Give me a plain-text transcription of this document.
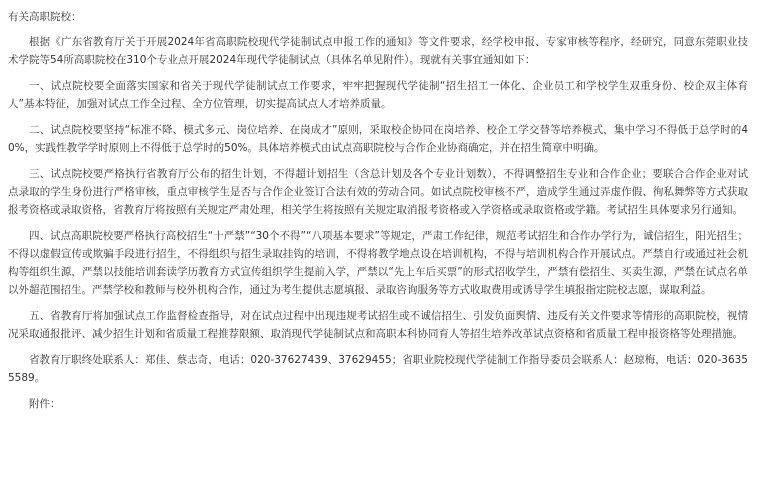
有关高职院校：

根据《广东省教育厅关于开展2024年省高职院校现代学徒制试点申报工作的通知》等文件要求，经学校申报、专家审核等程序，经研究，同意东莞职业技术学院等54所高职院校在310个专业点开展2024年现代学徒制试点（具体名单见附件）。现就有关事宜通知如下：

一、试点院校要全面落实国家和省关于现代学徒制试点工作要求，牢牢把握现代学徒制“招生招工一体化、企业员工和学校学生双重身份、校企双主体育人”基本特征，加强对试点工作全过程、全方位管理，切实提高试点人才培养质量。

二、试点院校要坚持“标准不降、模式多元、岗位培养、在岗成才”原则，采取校企协同在岗培养、校企工学交替等培养模式，集中学习不得低于总学时的40%，实践性教学学时原则上不得低于总学时的50%。具体培养模式由试点高职院校与合作企业协商确定，并在招生简章中明确。

三、试点院校要严格执行省教育厅公布的招生计划，不得超计划招生（含总计划及各个专业计划数），不得调整招生专业和合作企业；要联合合作企业对试点录取的学生身份进行严格审核，重点审核学生是否与合作企业签订合法有效的劳动合同。如试点院校审核不严，造成学生通过弄虚作假、徇私舞弊等方式获取报考资格或录取资格，省教育厅将按照有关规定严肃处理，相关学生将按照有关规定取消报考资格或入学资格或录取资格或学籍。考试招生具体要求另行通知。

四、试点高职院校要严格执行高校招生“十严禁”“30个不得”“八项基本要求”等规定，严肃工作纪律，规范考试招生和合作办学行为，诚信招生，阳光招生；不得以虚假宣传或欺骗手段进行招生，不得组织与招生录取挂钩的培训，不得将教学地点设在培训机构，不得与培训机构合作开展试点。严禁自行或通过社会机构等组织生源，严禁以技能培训套读学历教育方式宣传组织学生提前入学，严禁以“先上车后买票”的形式招收学生，严禁有偿招生、买卖生源，严禁在试点名单以外超范围招生。严禁学校和教师与校外机构合作，通过为考生提供志愿填报、录取咨询服务等方式收取费用或诱导学生填报指定院校志愿，谋取利益。

五、省教育厅将加强试点工作监督检查指导，对在试点过程中出现违规考试招生或不诚信招生、引发负面舆情、违反有关文件要求等情形的高职院校，视情况采取通报批评、减少招生计划和省质量工程推荐限额、取消现代学徒制试点和高职本科协同育人等招生培养改革试点资格和省质量工程申报资格等处理措施。

省教育厅职终处联系人：郑佳、蔡志奇，电话：020-37627439、37629455；省职业院校现代学徒制工作指导委员会联系人：赵琼梅，电话：020-36355589。

附件：
